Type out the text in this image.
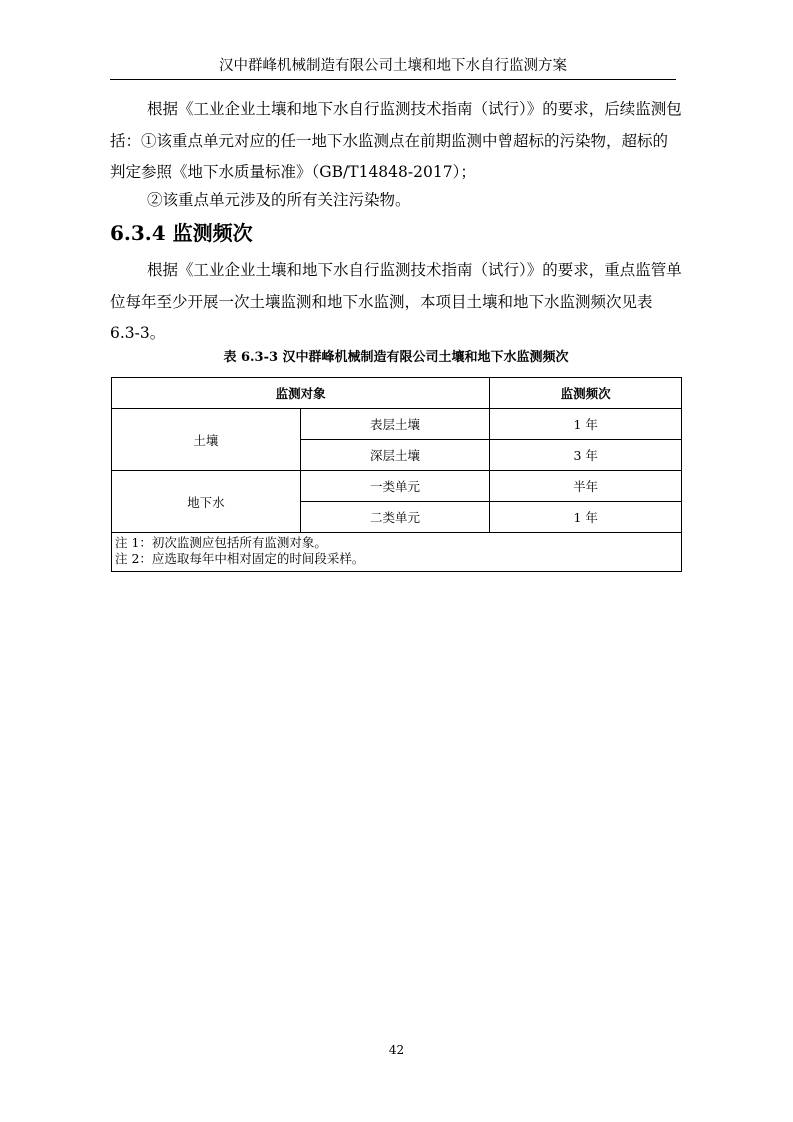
汉中群峰机械制造有限公司土壤和地下水自行监测方案

根据《工业企业土壤和地下水自行监测技术指南（试行）》的要求，后续监测包括：①该重点单元对应的任一地下水监测点在前期监测中曾超标的污染物，超标的判定参照《地下水质量标准》（GB/T14848-2017）；

6.3.4 监测频次

②该重点单元涉及的所有关注污染物。

根据《工业企业土壤和地下水自行监测技术指南（试行）》的要求，重点监管单位每年至少开展一次土壤监测和地下水监测，本项目土壤和地下水监测频次见表6.3-3。

表 6.3-3 汉中群峰机械制造有限公司土壤和地下水监测频次
监测对象		监测频次
土壤	表层土壤	1 年
	深层土壤	3 年
地下水	一类单元	半年
	二类单元	1 年

注 1：初次监测应包括所有监测对象。
注 2：应选取每年中相对固定的时间段采样。		
42
